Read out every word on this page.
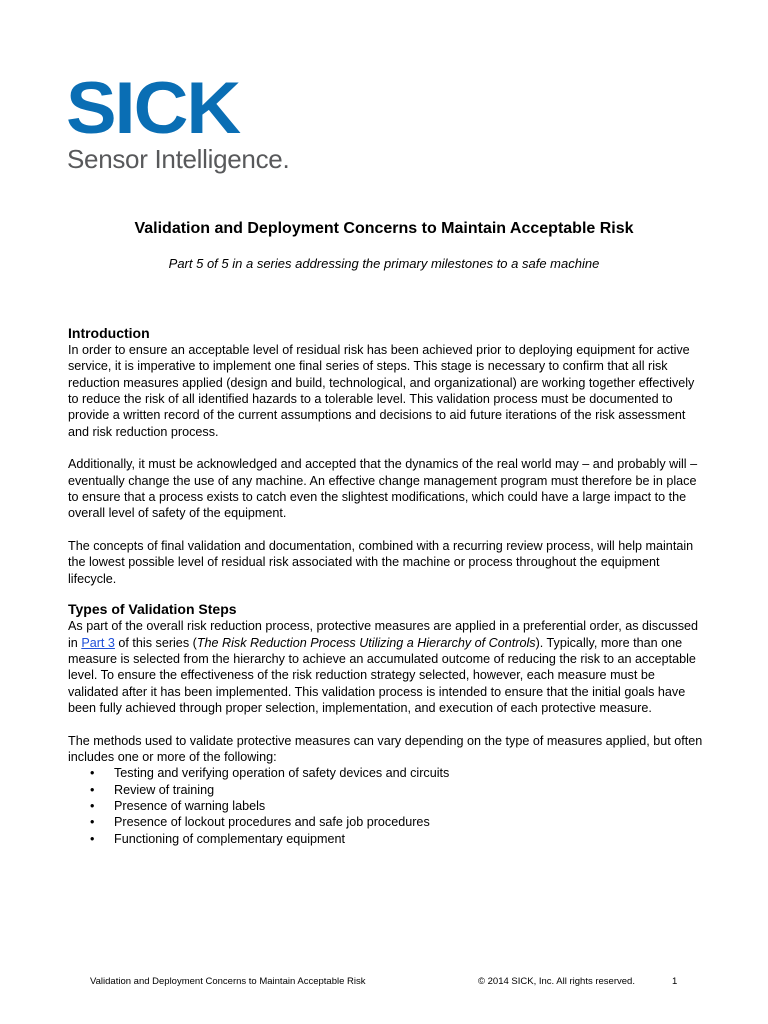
SICK
Sensor Intelligence.
Validation and Deployment Concerns to Maintain Acceptable Risk
Part 5 of 5 in a series addressing the primary milestones to a safe machine
Introduction

In order to ensure an acceptable level of residual risk has been achieved prior to deploying equipment for active service, it is imperative to implement one final series of steps. This stage is necessary to confirm that all risk reduction measures applied (design and build, technological, and organizational) are working together effectively to reduce the risk of all identified hazards to a tolerable level. This validation process must be documented to provide a written record of the current assumptions and decisions to aid future iterations of the risk assessment and risk reduction process.

Additionally, it must be acknowledged and accepted that the dynamics of the real world may – and probably will – eventually change the use of any machine. An effective change management program must therefore be in place to ensure that a process exists to catch even the slightest modifications, which could have a large impact to the overall level of safety of the equipment.

The concepts of final validation and documentation, combined with a recurring review process, will help maintain the lowest possible level of residual risk associated with the machine or process throughout the equipment lifecycle.

Types of Validation Steps

As part of the overall risk reduction process, protective measures are applied in a preferential order, as discussed in Part 3 of this series (The Risk Reduction Process Utilizing a Hierarchy of Controls). Typically, more than one measure is selected from the hierarchy to achieve an accumulated outcome of reducing the risk to an acceptable level. To ensure the effectiveness of the risk reduction strategy selected, however, each measure must be validated after it has been implemented. This validation process is intended to ensure that the initial goals have been fully achieved through proper selection, implementation, and execution of each protective measure.

The methods used to validate protective measures can vary depending on the type of measures applied, but often includes one or more of the following:

• Testing and verifying operation of safety devices and circuits
• Review of training
• Presence of warning labels
• Presence of lockout procedures and safe job procedures
• Functioning of complementary equipment
Validation and Deployment Concerns to Maintain Acceptable Risk	© 2014 SICK, Inc. All rights reserved.	1
